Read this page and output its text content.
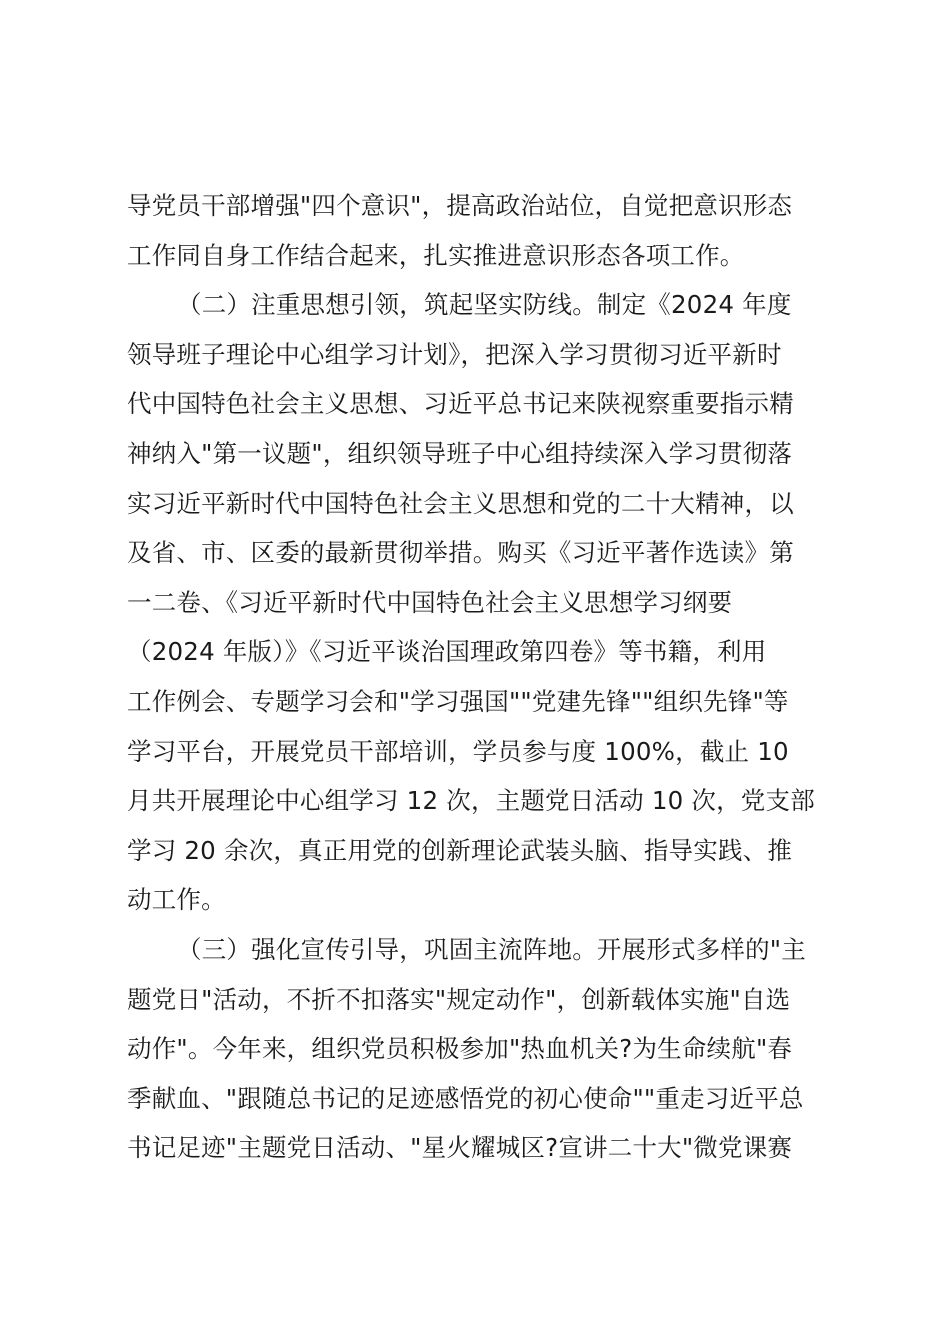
导党员干部增强"四个意识"，提高政治站位，自觉把意识形态
工作同自身工作结合起来，扎实推进意识形态各项工作。
（二）注重思想引领，筑起坚实防线。制定《2024 年度
领导班子理论中心组学习计划》，把深入学习贯彻习近平新时
代中国特色社会主义思想、习近平总书记来陕视察重要指示精
神纳入"第一议题"，组织领导班子中心组持续深入学习贯彻落
实习近平新时代中国特色社会主义思想和党的二十大精神，以
及省、市、区委的最新贯彻举措。购买《习近平著作选读》第
一二卷、《习近平新时代中国特色社会主义思想学习纲要
（2024 年版）》《习近平谈治国理政第四卷》等书籍，利用
工作例会、专题学习会和"学习强国""党建先锋""组织先锋"等
学习平台，开展党员干部培训，学员参与度 100%，截止 10
月共开展理论中心组学习 12 次，主题党日活动 10 次，党支部
学习 20 余次，真正用党的创新理论武装头脑、指导实践、推
动工作。
（三）强化宣传引导，巩固主流阵地。开展形式多样的"主
题党日"活动，不折不扣落实"规定动作"，创新载体实施"自选
动作"。今年来，组织党员积极参加"热血机关?为生命续航"春
季献血、"跟随总书记的足迹感悟党的初心使命""重走习近平总
书记足迹"主题党日活动、"星火耀城区?宣讲二十大"微党课赛
